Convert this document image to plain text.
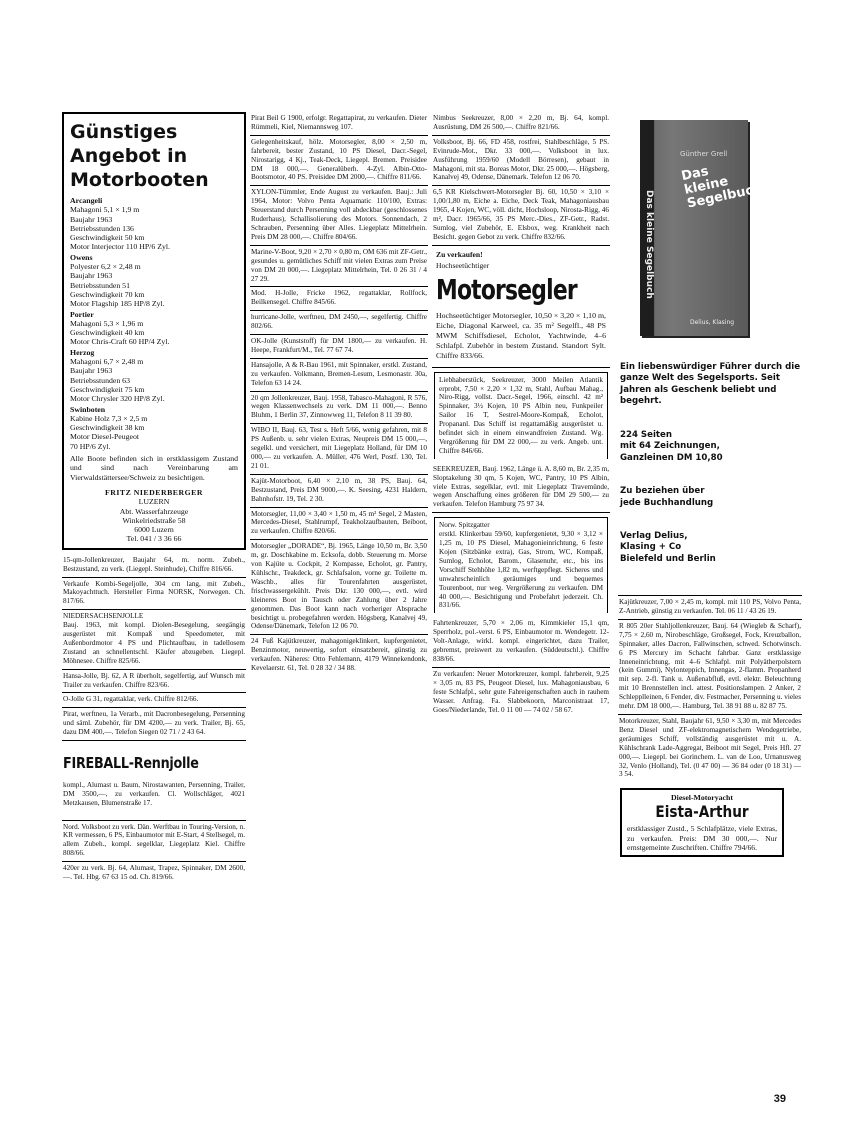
Günstiges Angebot in Motorbooten
Arcangeli
Mahagoni 5,1 × 1,9 m
Baujahr 1963
Betriebsstunden 136
Geschwindigkeit 50 km
Motor Interjector 110 HP/6 Zyl.
Owens
Polyester 6,2 × 2,48 m
Baujahr 1963
Betriebsstunden 51
Geschwindigkeit 70 km
Motor Flagship 185 HP/8 Zyl.
Portier
Mahagoni 5,3 × 1,96 m
Geschwindigkeit 40 km
Motor Chris-Craft 60 HP/4 Zyl.
Herzog
Mahagoni 6,7 × 2,48 m
Baujahr 1963
Betriebsstunden 63
Geschwindigkeit 75 km
Motor Chrysler 320 HP/8 Zyl.
Swinboten
Kabine Holz 7,3 × 2,5 m
Geschwindigkeit 38 km
Motor Diesel-Peugeot
70 HP/6 Zyl.
Alle Boote befinden sich in erstklassigem Zustand und sind nach Vereinbarung am Vierwaldstättersee/Schweiz zu besichtigen.
FRITZ NIEDERBERGER
LUZERN
Abt. Wasserfahrzeuge
Winkelriedstraße 58
6000 Luzern
Tel. 041 / 3 36 66
15-qm-Jollenkreuzer, Baujahr 64, m. norm. Zubeh., Bestzustand, zu verk. (Liegepl. Steinhude), Chiffre 816/66.
Verkaufe Kombi-Segeljolle, 304 cm lang, mit Zubeh., Makoyachttuch. Hersteller Firma NORSK, Norwegen. Ch. 817/66.
NIEDERSACHSENJOLLE
Bauj. 1963, mit kompl. Diolen-Besegelung, seegängig ausgerüstet mit Kompaß und Speedometer, mit Außenbordmotor 4 PS und Plichtaufbau, in tadellosem Zustand an schnellentschl. Käufer abzugeben. Liegepl. Möhnesee. Chiffre 825/66.
Hansa-Jolle, Bj. 62, A R überholt, segelfertig, auf Wunsch mit Trailer zu verkaufen. Chiffre 823/66.
O-Jolle G 31, regattaklar, verk. Chiffre 812/66.
Pirat, werftneu, 1a Verarb., mit Dacronbesegelung, Persenning und säml. Zubehör, für DM 4200,— zu verk. Trailer, Bj. 65, dazu DM 400,—. Telefon Siegen 02 71 / 2 43 64.

FIREBALL-Rennjolle

kompl., Alumast u. Baum, Nirostawanten, Persenning, Trailer, DM 3500,—, zu verkaufen. Cl. Wollschläger, 4021 Metzkausen, Blumenstraße 17.

Nord. Volksboot zu verk. Dän. Werftbau in Touring-Version, n. KR vermessen, 6 PS, Einbaumotor mit E-Start, 4 Stellsegel, m. allem Zubeh., kompl. segelklar, Liegeplatz Kiel. Chiffre 808/66.
420er zu verk. Bj. 64, Alumast, Trapez, Spinnaker, DM 2600,—. Tel. Hbg. 67 63 15 od. Ch. 819/66.
Pirat Beil G 1900, erfolgr. Regattapirat, zu verkaufen. Dieter Rümmeli, Kiel, Niemannsweg 107.
Gelegenheitskauf, hölz. Motorsegler, 8,00 × 2,50 m, fahrbereit, bester Zustand, 10 PS Diesel, Dacr.-Segel, Nirostarigg, 4 Kj., Teak-Deck, Liegepl. Bremen. Preisidee DM 18 000,—. Generalüberh. 4-Zyl. Albin-Otto-Bootsmotor, 40 PS. Preisidee DM 2000,—. Chiffre 811/66.
XYLON-Tümmler, Ende August zu verkaufen. Bauj.: Juli 1964, Motor: Volvo Penta Aquamatic 110/100, Extras: Steuerstand durch Persenning voll abdeckbar (geschlossenes Ruderhaus), Schallisolierung des Motors. Sonnendach, 2 Schrauben, Persenning über Alles. Liegeplatz Mittelrhein. Preis DM 28 000,—. Chiffre 804/66.
Marine-V-Boot, 9,20 × 2,70 × 0,80 m, OM 636 mit ZF-Getr., gesundes u. gemütliches Schiff mit vielen Extras zum Preise von DM 20 000,—. Liegeplatz Mittelrhein, Tel. 0 26 31 / 4 27 29.
Mod. H-Jolle, Fricke 1962, regattaklar, Rollfock, Beilkensegel. Chiffre 845/66.
hurricane-Jolle, werftneu, DM 2450,—, segelfertig. Chiffre 802/66.
OK-Jolle (Kunststoff) für DM 1800,— zu verkaufen. H. Heepe, Frankfurt/M., Tel. 77 67 74.
Hansajolle, A & R-Bau 1961, mit Spinnaker, erstkl. Zustand, zu verkaufen. Volkmann, Bremen-Lesum, Lesmonastr. 30a, Telefon 63 14 24.
20 qm Jollenkreuzer, Bauj. 1958, Tabasco-Mahagoni, R 576, wegen Klassenwechsels zu verk. DM 11 000,—. Benno Bluhm, 1 Berlin 37, Zinnowweg 11, Telefon 8 11 39 80.
WIBO II, Bauj. 63, Test s. Heft 5/66, wenig gefahren, mit 8 PS Außenb. u. sehr vielen Extras, Neupreis DM 15 000,—, segelkl. und versichert, mit Liegeplatz Holland, für DM 10 000,— zu verkaufen. A. Müller, 476 Werl, Postf. 130, Tel. 21 01.
Kajüt-Motorboot, 6,40 × 2,10 m, 38 PS, Bauj. 64, Bestzustand, Preis DM 9000,—. K. Seesing, 4231 Haldern, Bahnhofstr. 19, Tel. 2 30.
Motorsegler, 11,00 × 3,40 × 1,50 m, 45 m² Segel, 2 Masten, Mercedes-Diesel, Stahlrumpf, Teakholzaufbauten, Beiboot, zu verkaufen. Chiffre 820/66.
Motorsegler „DORADE“, Bj. 1965, Länge 10,50 m, Br. 3,50 m, gr. Doschkabine m. Ecksofa, dobb. Steuerung m. Morse von Kajüte u. Cockpit, 2 Kompasse, Echolot, gr. Pantry, Kühlschr., Teakdeck, gr. Schlafsalon, vorne gr. Toilette m. Waschb., alles für Tourenfahrten ausgerüstet, frischwassergekühlt. Preis Dkr. 130 000,—, evtl. wird kleineres Boot in Tausch oder Zahlung über 2 Jahre genommen. Das Boot kann nach vorheriger Absprache besichtigt u. probegefahren werden. Högsberg, Kanalvej 49, Odense/Dänemark, Telefon 12 06 70.
24 Fuß Kajütkreuzer, mahagonigeklinkert, kupfergenietet, Benzinmotor, neuwertig, sofort einsatzbereit, günstig zu verkaufen. Näheres: Otto Fehlemann, 4179 Winnekendonk, Kevelaerstr. 61, Tel. 0 28 32 / 34 88.
Nimbus Seekreuzer, 8,00 × 2,20 m, Bj. 64, kompl. Ausrüstung, DM 26 500,—. Chiffre 821/66.
Volksboot, Bj. 66, FD 458, rostfrei, Stahlbeschläge, 5 PS. Evinrude-Mot., Dkr. 33 000,—. Volksboot in lux. Ausführung 1959/60 (Modell Börresen), gebaut in Mahagoni, mit sta. Boreas Motor, Dkr. 25 000,—. Högsberg, Kanalvej 49, Odense, Dänemark. Telefon 12 06 70.
6,5 KR Kielschwert-Motorsegler Bj. 60, 10,50 × 3,10 × 1,00/1,80 m, Eiche a. Eiche, Deck Teak, Mahagoniausbau 1965, 4 Kojen, WC, völl. dicht, Hochsloop, Nirosta-Rigg, 46 m², Dacr. 1965/66, 35 PS Merc.-Dies., ZF-Getr., Radst. Sumlog, viel Zubehör, E. Elsbox, weg. Krankheit nach Besicht. gegen Gebot zu verk. Chiffre 832/66.
Zu verkaufen!
Hochseetüchtiger
Motorsegler
Hochseetüchtiger Motorsegler, 10,50 × 3,20 × 1,10 m, Eiche, Diagonal Karweel, ca. 35 m² Segelfl., 48 PS MWM Schiffsdiesel, Echolot, Yachtwinde, 4–6 Schlafpl. Zubehör in bestem Zustand. Standort Sylt. Chiffre 833/66.
Liebhaberstück, Seekreuzer, 3000 Meilen Atlantik erprobt, 7,50 × 2,20 × 1,32 m, Stahl, Aufbau Mahag., Niro-Rigg, vollst. Dacr.-Segel, 1966, einschl. 42 m² Spinnaker, 3½ Kojen, 10 PS Albin neu, Funkpeiler Sailor 16 T, Sestrel-Moore-Kompaß, Echolot, Propananl. Das Schiff ist regattamäßig ausgerüstet u. befindet sich in einem einwandfreien Zustand. Wg. Vergrößerung für DM 22 000,— zu verk. Angeb. unt. Chiffre 846/66.
SEEKREUZER, Bauj. 1962, Länge ü. A. 8,60 m, Br. 2,35 m, Sloptakelung 30 qm, 5 Kojen, WC, Pantry, 10 PS Albin, viele Extras, segelklar, evtl. mit Liegeplatz Travemünde, wegen Anschaffung eines größeren für DM 29 500,— zu verkaufen. Telefon Hamburg 75 97 34.
Norw. Spitzgatter
erstkl. Klinkerbau 59/60, kupfergenietet, 9,30 × 3,12 × 1,25 m, 10 PS Diesel, Mahagonieinrichtung, 6 feste Kojen (Sitzbänke extra), Gas, Strom, WC, Kompaß, Sumlog, Echolot, Barom., Glasenuhr, etc., bis ins Vorschiff Stehhöhe 1,82 m, werftgepflegt. Sicheres und unwahrscheinlich geräumiges und bequemes Tourenboot, nur weg. Vergrößerung zu verkaufen. DM 40 000,—. Besichtigung und Probefahrt jederzeit. Ch. 831/66.
Fahrtenkreuzer, 5,70 × 2,06 m, Kimmkieler 15,1 qm, Sperrholz, pol.-verst. 6 PS, Einbaumotor m. Wendegetr. 12-Volt-Anlage, wirkl. kompl. eingerichtet, dazu Trailer, gebremst, preiswert zu verkaufen. (Süddeutschl.). Chiffre 838/66.
Zu verkaufen: Neuer Motorkreuzer, kompl. fahrbereit, 9,25 × 3,05 m, 83 PS, Peugeot Diesel, lux. Mahagoniausbau, 6 feste Schlafpl., sehr gute Fahreigenschaften auch in rauhem Wasser. Anfrag. Fa. Slabbekoorn, Marconistraat 17, Goes/Niederlande, Tel. 0 11 00 — 74 02 / 58 67.
Das kleine Segelbuch
Günther Grell
Das kleine Segelbuch
Delius, Klasing

Ein liebenswürdiger Führer durch die ganze Welt des Segelsports. Seit Jahren als Geschenk beliebt und begehrt.

224 Seiten
mit 64 Zeichnungen,
Ganzleinen DM 10,80

Zu beziehen über
jede Buchhandlung

Verlag Delius,
Klasing + Co
Bielefeld und Berlin

Kajütkreuzer, 7,00 × 2,45 m, kompl. mit 110 PS, Volvo Penta, Z-Antrieb, günstig zu verkaufen. Tel. 06 11 / 43 26 19.
R 805 20er Stahljollenkreuzer, Bauj. 64 (Wiegleb & Scharf), 7,75 × 2,60 m, Nirobeschläge, Großsegel, Fock, Kreuzballon, Spinnaker, alles Dacron, Fallwinschen, schwed. Schotwinsch. 6 PS Mercury im Schacht fahrbar. Ganz erstklassige Inneneinrichtung, mit 4–6 Schlafpl. mit Polyätherpolstern (kein Gummi), Nylonteppich, Innengas, 2-flamm. Propanherd mit sep. 2-fl. Tank u. Außenabfluß, evtl. elektr. Beleuchtung mit 10 Brennstellen incl. attest. Positionslampen. 2 Anker, 2 Schlepplleinen, 6 Fender, div. Festmacher, Persenning u. vieles mehr. DM 18 000,—. Hamburg, Tel. 38 91 88 u. 82 87 75.
Motorkreuzer, Stahl, Baujahr 61, 9,50 × 3,30 m, mit Mercedes Benz Diesel und ZF-elektromagnetischem Wendegetriebe, geräumiges Schiff, vollständig ausgerüstet mit u. A. Kühlschrank Lade-Aggregat, Beiboot mit Segel, Preis Hfl. 27 000,—. Liegepl. bei Gorinchem. L. van de Loo, Urnanusweg 32, Venlo (Holland), Tel. (0 47 00) — 36 84 oder (0 18 31) — 3 54.
Diesel-Motoryacht
Eista-Arthur
erstklassiger Zustd., 5 Schlafplätze, viele Extras, zu verkaufen. Preis: DM 30 000,—. Nur ernstgemeinte Zuschriften. Chiffre 794/66.
39
